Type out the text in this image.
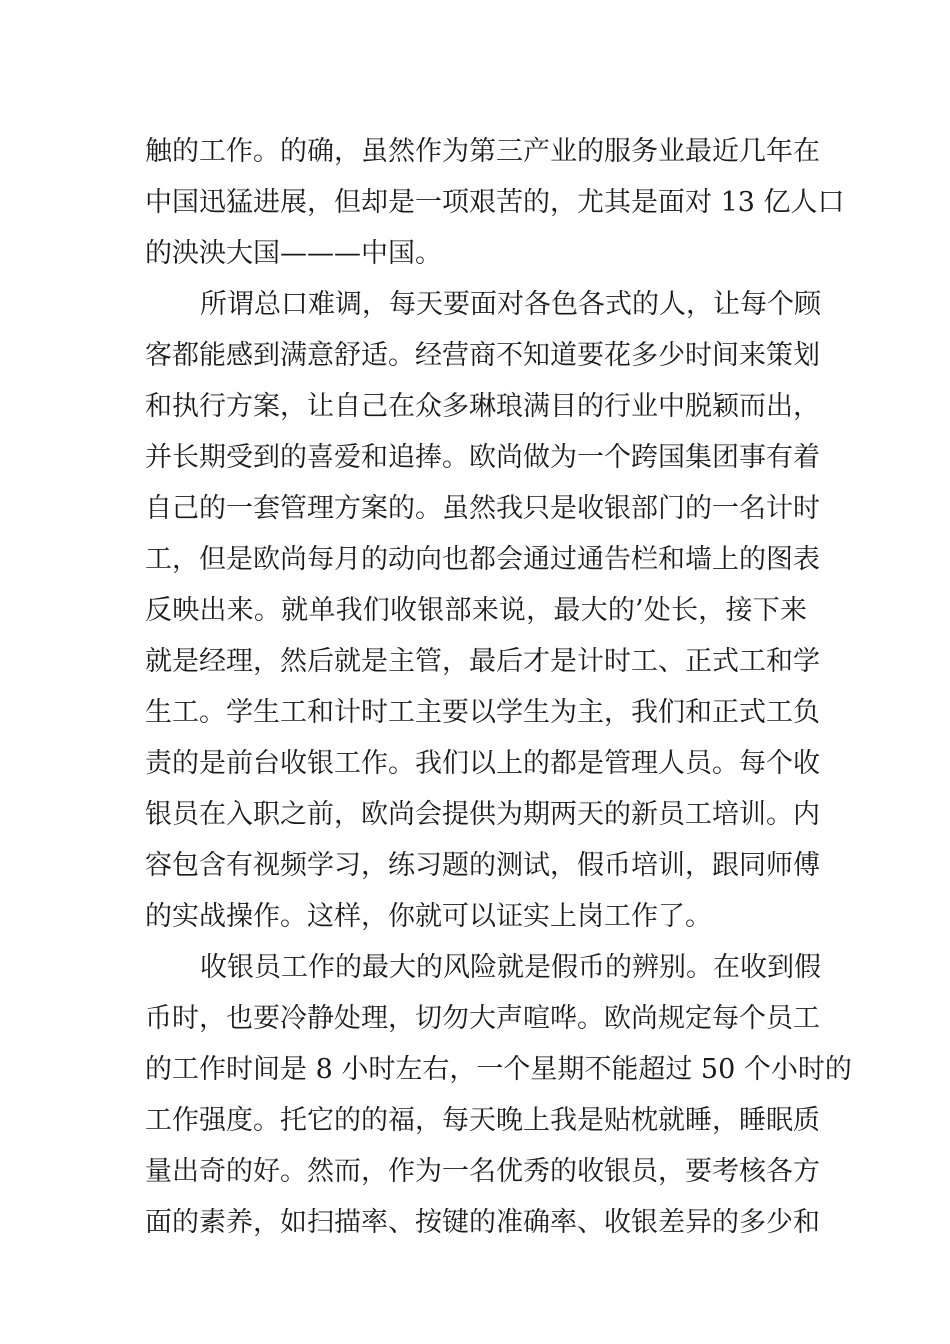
触的工作。的确，虽然作为第三产业的服务业最近几年在
中国迅猛进展，但却是一项艰苦的，尤其是面对 13 亿人口
的泱泱大国———中国。
所谓总口难调，每天要面对各色各式的人，让每个顾
客都能感到满意舒适。经营商不知道要花多少时间来策划
和执行方案，让自己在众多琳琅满目的行业中脱颖而出，
并长期受到的喜爱和追捧。欧尚做为一个跨国集团事有着
自己的一套管理方案的。虽然我只是收银部门的一名计时
工，但是欧尚每月的动向也都会通过通告栏和墙上的图表
反映出来。就单我们收银部来说，最大的’处长，接下来
就是经理，然后就是主管，最后才是计时工、正式工和学
生工。学生工和计时工主要以学生为主，我们和正式工负
责的是前台收银工作。我们以上的都是管理人员。每个收
银员在入职之前，欧尚会提供为期两天的新员工培训。内
容包含有视频学习，练习题的测试，假币培训，跟同师傅
的实战操作。这样，你就可以证实上岗工作了。
收银员工作的最大的风险就是假币的辨别。在收到假
币时，也要冷静处理，切勿大声喧哗。欧尚规定每个员工
的工作时间是 8 小时左右，一个星期不能超过 50 个小时的
工作强度。托它的的福，每天晚上我是贴枕就睡，睡眠质
量出奇的好。然而，作为一名优秀的收银员，要考核各方
面的素养，如扫描率、按键的准确率、收银差异的多少和
